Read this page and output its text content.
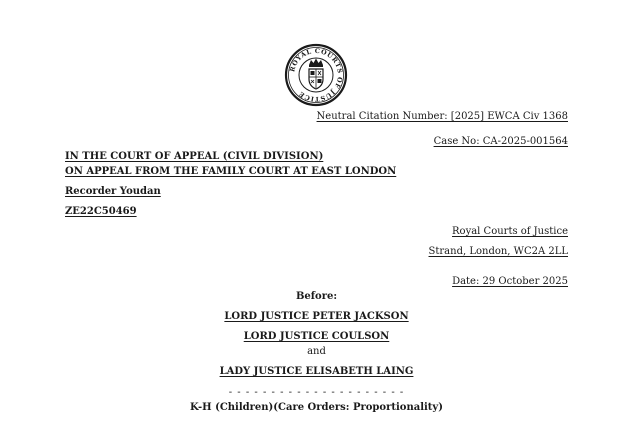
ROYAL COURTS OF JUSTICE
Neutral Citation Number: [2025] EWCA Civ 1368
Case No: CA-2025-001564
IN THE COURT OF APPEAL (CIVIL DIVISION)
ON APPEAL FROM THE FAMILY COURT AT EAST LONDON
Recorder Youdan
ZE22C50469
Royal Courts of Justice
Strand, London, WC2A 2LL
Date: 29 October 2025
Before:
LORD JUSTICE PETER JACKSON
LORD JUSTICE COULSON
and
LADY JUSTICE ELISABETH LAING
- - - - - - - - - - - - - - - - - - - - -
K-H (Children)(Care Orders: Proportionality)
